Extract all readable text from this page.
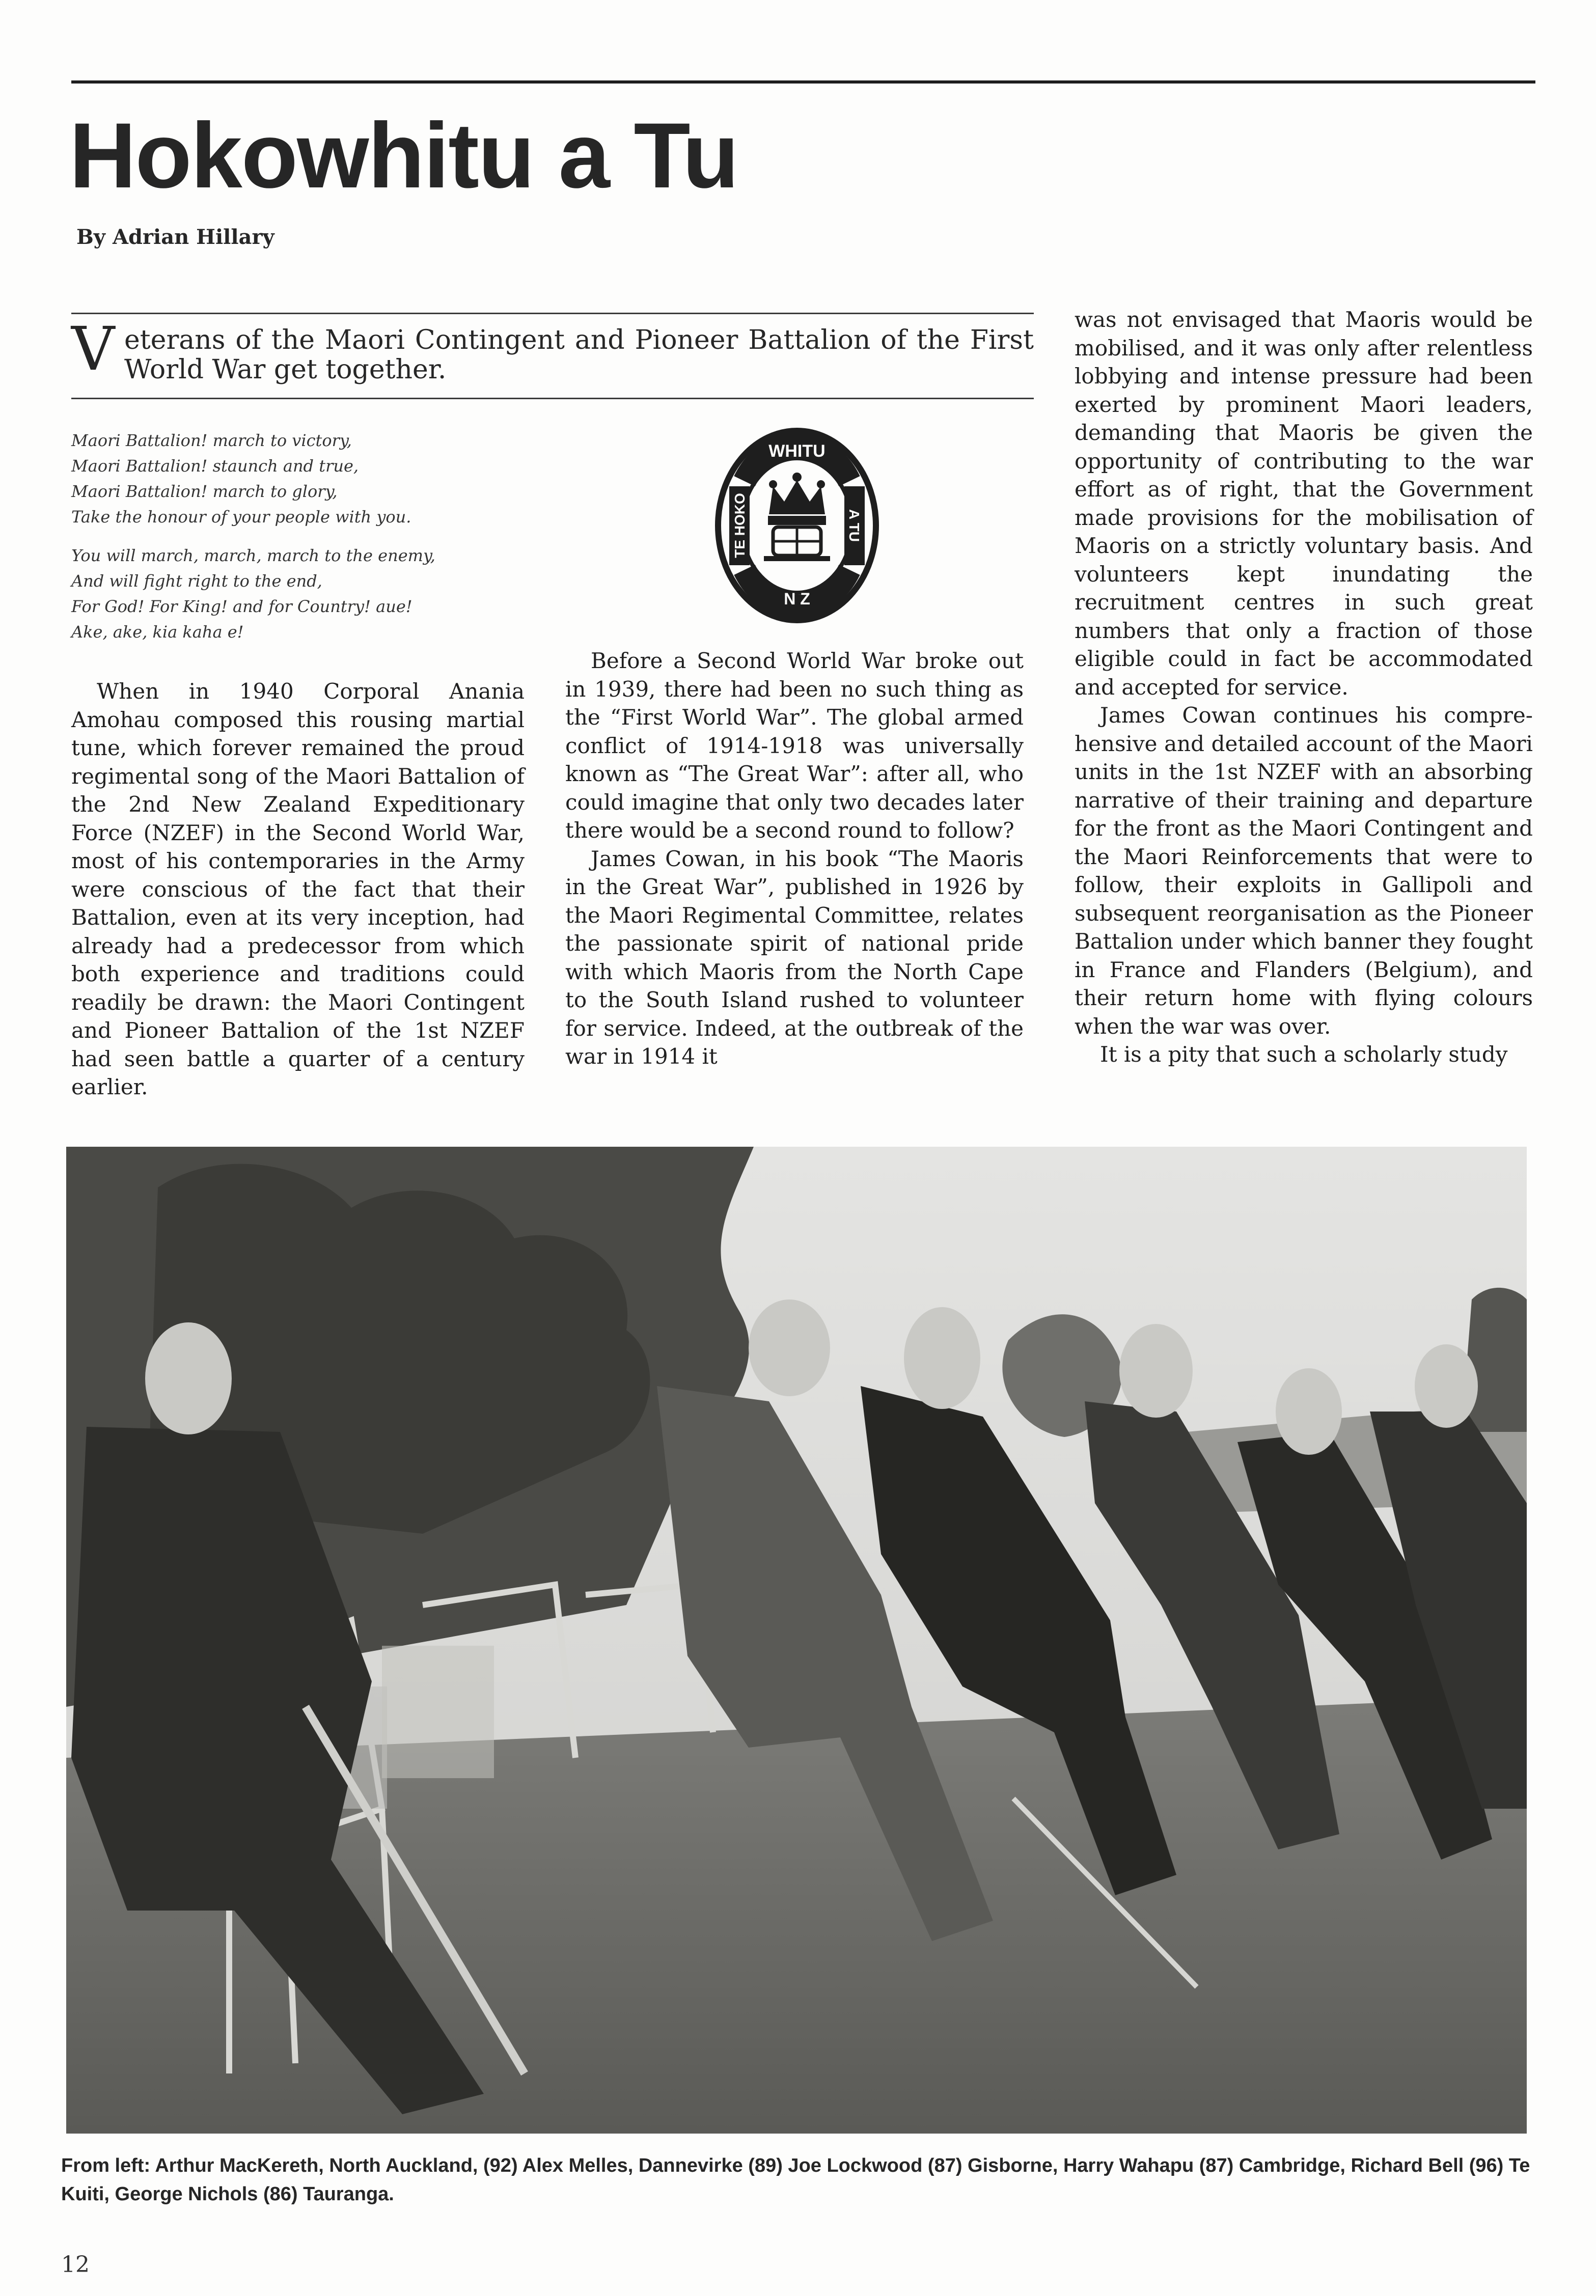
Hokowhitu a Tu

By Adrian Hillary

V eterans of the Maori Contingent and Pioneer Battalion of the First World War get together.

Maori Battalion! march to victory,
Maori Battalion! staunch and true,
Maori Battalion! march to glory,
Take the honour of your people with you.
You will march, march, march to the enemy,
And will fight right to the end,
For God! For King! and for Country! aue!
Ake, ake, kia kaha e!

When in 1940 Corporal Anania Amohau composed this rousing martial tune, which forever remained the proud regimental song of the Maori Battalion of the 2nd New Zealand Expeditionary Force (NZEF) in the Second World War, most of his contemporaries in the Army were conscious of the fact that their Battalion, even at its very inception, had already had a predecessor from which both experience and traditions could readily be drawn: the Maori Contingent and Pioneer Battalion of the 1st NZEF had seen battle a quarter of a century earlier.

WHITU
N Z
TE HOKO	A TU

Before a Second World War broke out in 1939, there had been no such thing as the “First World War”. The global armed conflict of 1914-1918 was universally known as “The Great War”: after all, who could imagine that only two decades later there would be a second round to follow?

James Cowan, in his book “The Maoris in the Great War”, published in 1926 by the Maori Regimental Committee, relates the passionate spirit of national pride with which Maoris from the North Cape to the South Island rushed to volunteer for service. Indeed, at the outbreak of the war in 1914 it

was not envisaged that Maoris would be mobilised, and it was only after relentless lobbying and intense pressure had been exerted by prominent Maori leaders, demanding that Maoris be given the opportunity of contributing to the war effort as of right, that the Government made provisions for the mobilisation of Maoris on a strictly voluntary basis. And volunteers kept inundating the recruitment centres in such great numbers that only a fraction of those eligible could in fact be accommodated and accepted for service.

James Cowan continues his comprehensive and detailed account of the Maori units in the 1st NZEF with an absorbing narrative of their training and departure for the front as the Maori Contingent and the Maori Reinforcements that were to follow, their exploits in Gallipoli and subsequent reorganisation as the Pioneer Battalion under which banner they fought in France and Flanders (Belgium), and their return home with flying colours when the war was over.

It is a pity that such a scholarly study

From left: Arthur MacKereth, North Auckland, (92) Alex Melles, Dannevirke (89) Joe Lockwood (87) Gisborne, Harry Wahapu (87) Cambridge, Richard Bell (96) Te Kuiti, George Nichols (86) Tauranga.

12
